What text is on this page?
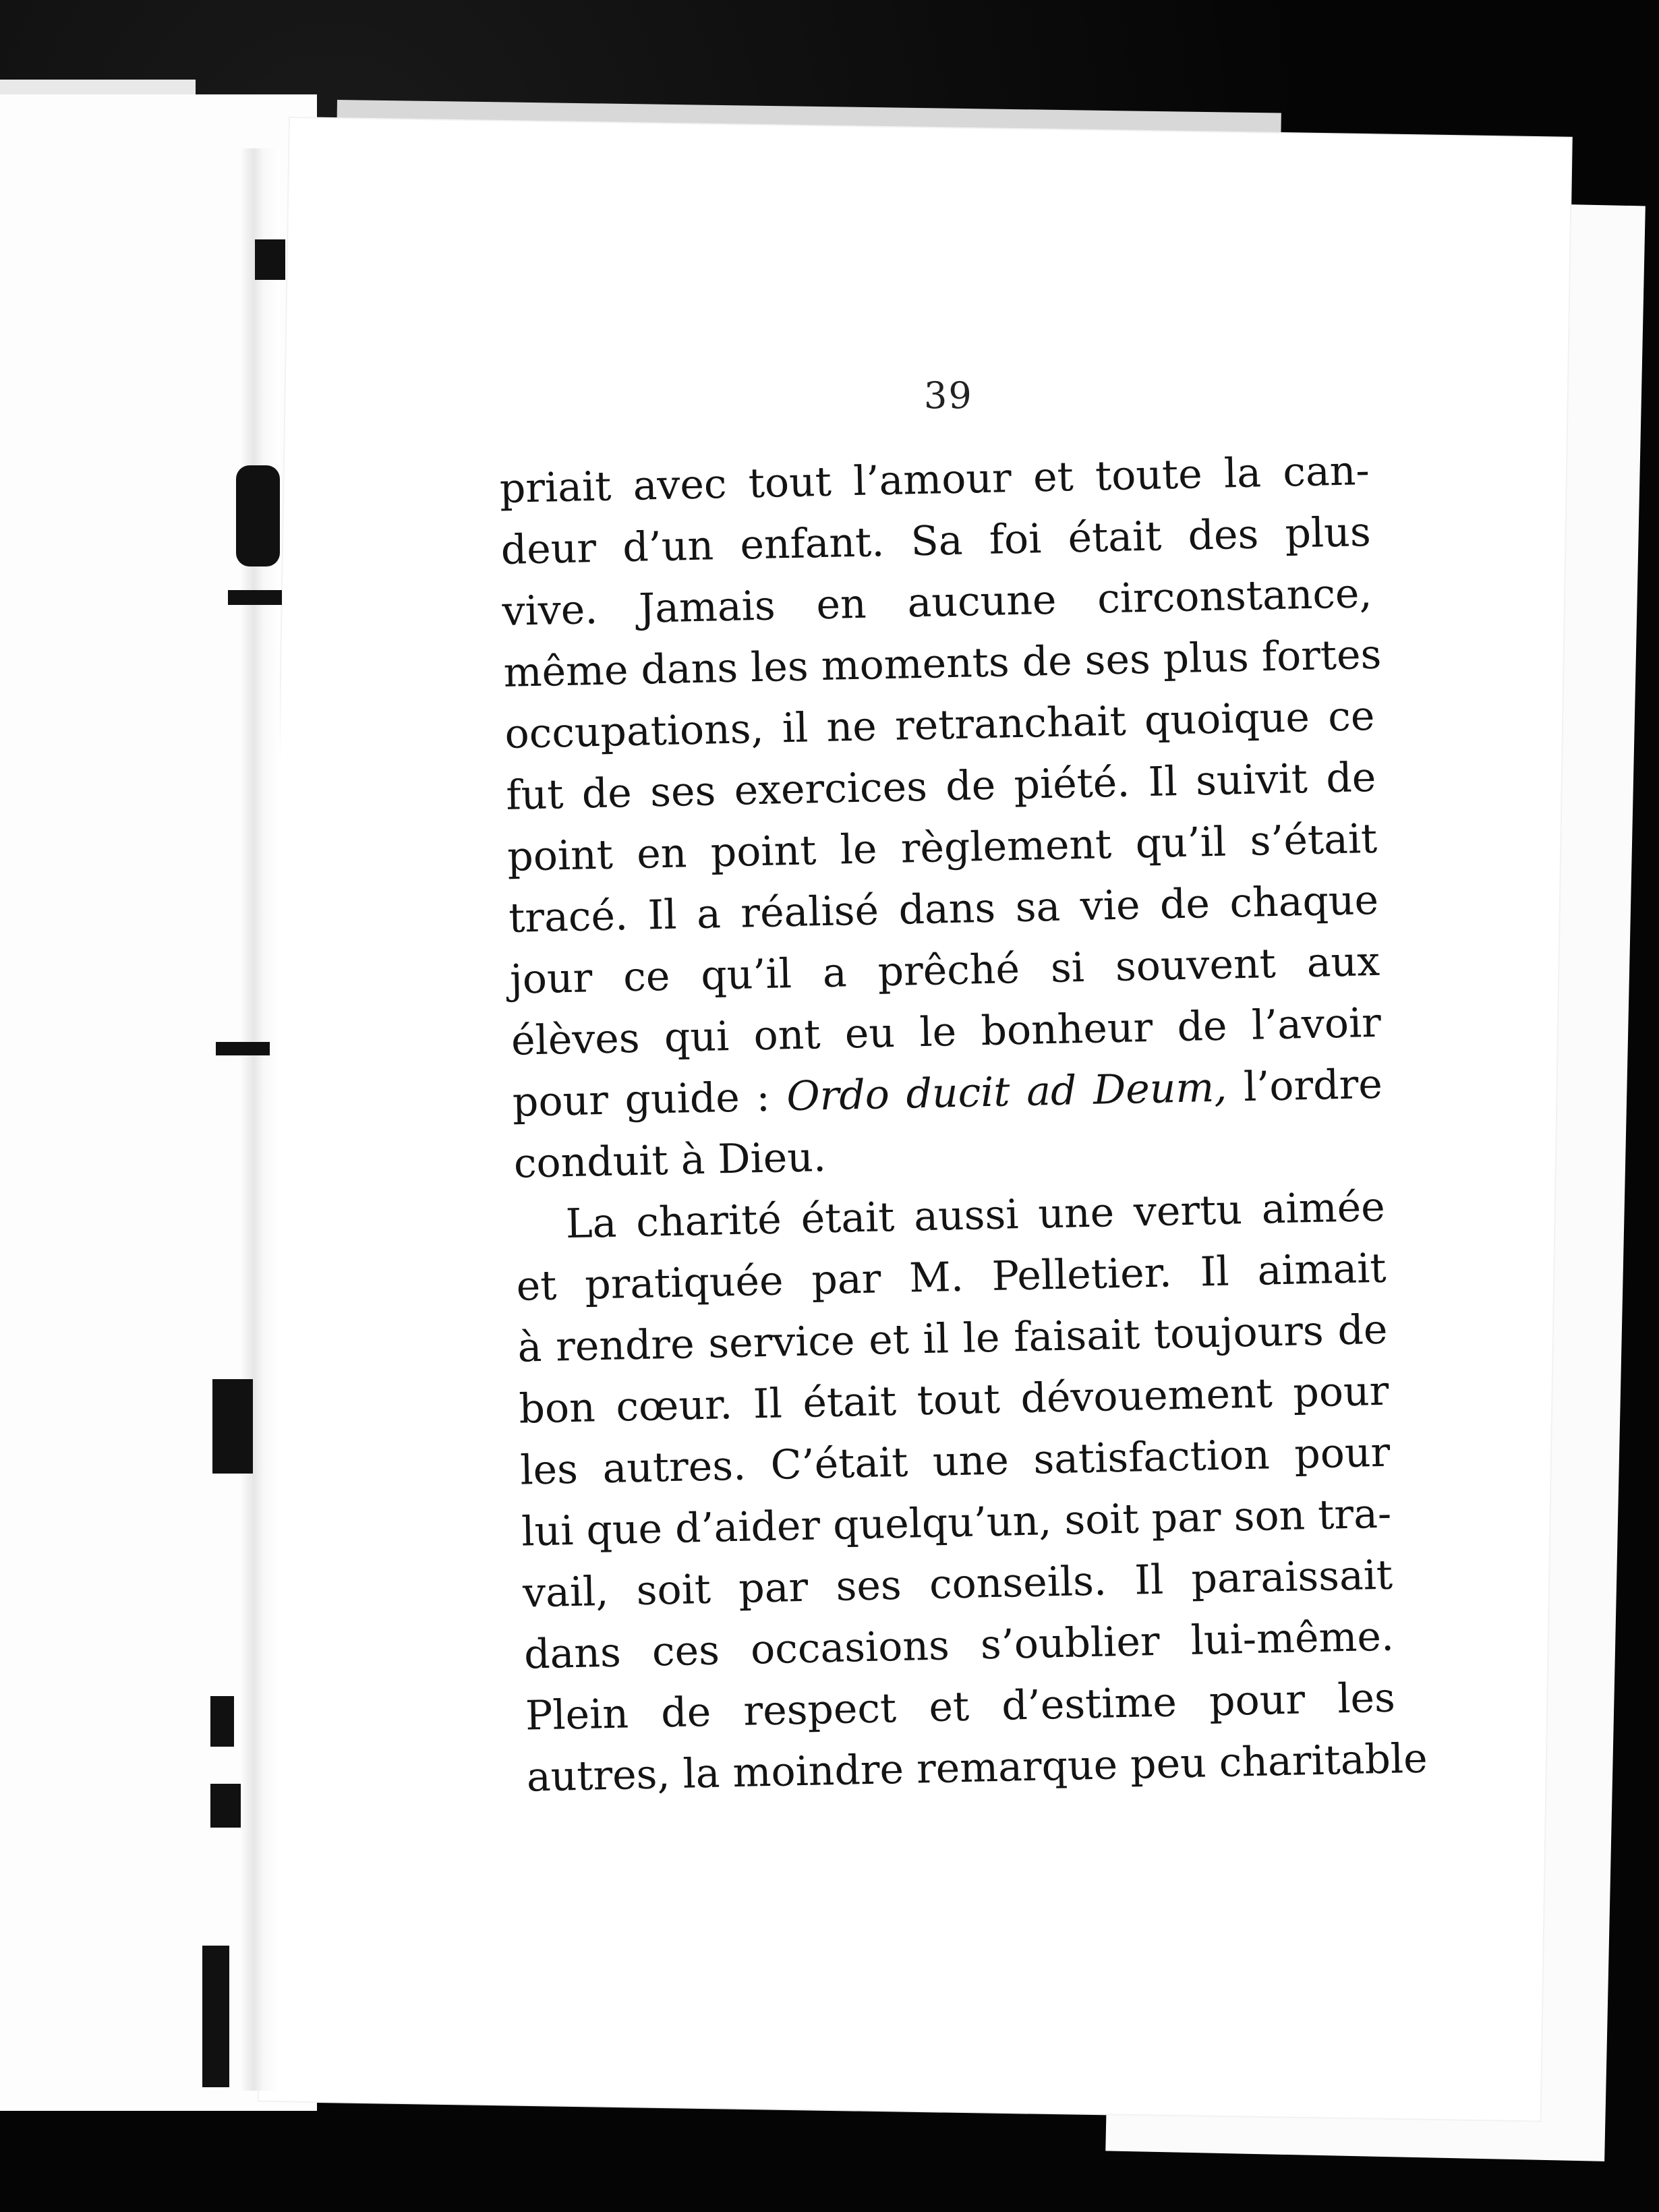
39
priait avec tout l’amour et toute la can-
deur d’un enfant. Sa foi était des plus
vive. Jamais en aucune circonstance,
même dans les moments de ses plus fortes
occupations, il ne retranchait quoique ce
fut de ses exercices de piété. Il suivit de
point en point le règlement qu’il s’était
tracé. Il a réalisé dans sa vie de chaque
jour ce qu’il a prêché si souvent aux
élèves qui ont eu le bonheur de l’avoir
pour guide : Ordo ducit ad Deum, l’ordre
conduit à Dieu.
La charité était aussi une vertu aimée
et pratiquée par M. Pelletier. Il aimait
à rendre service et il le faisait toujours de
bon cœur. Il était tout dévouement pour
les autres. C’était une satisfaction pour
lui que d’aider quelqu’un, soit par son tra-
vail, soit par ses conseils. Il paraissait
dans ces occasions s’oublier lui-même.
Plein de respect et d’estime pour les
autres, la moindre remarque peu charitable
